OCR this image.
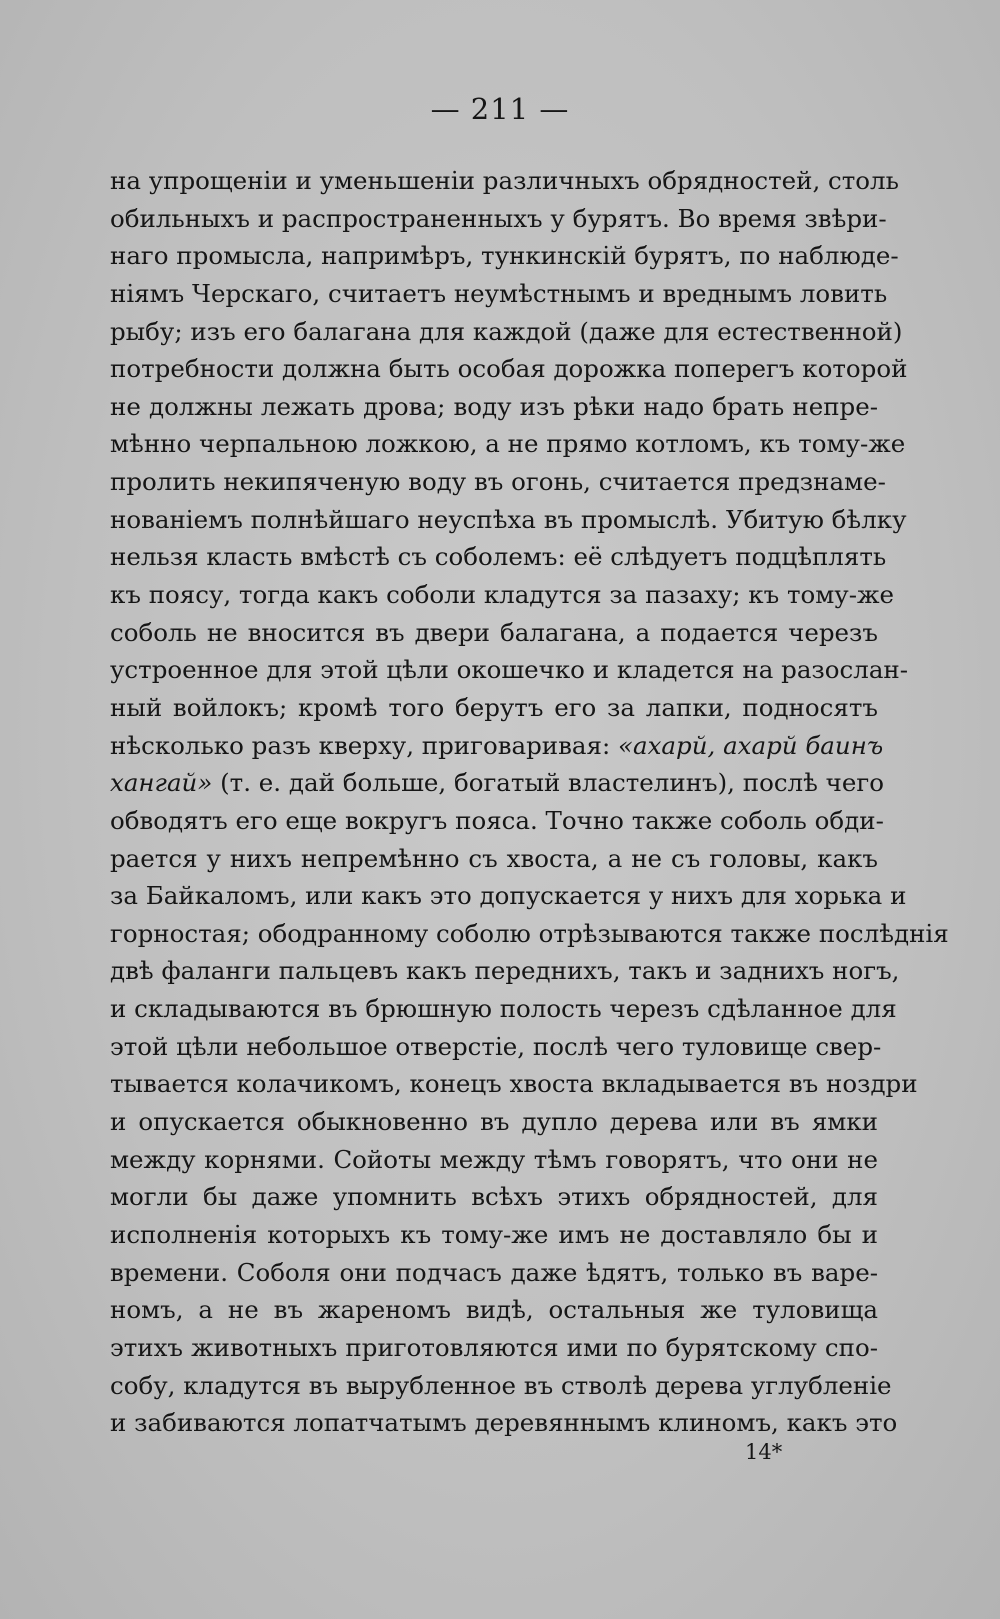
— 211 —
на упрощеніи и уменьшеніи различныхъ обрядностей, столь
обильныхъ и распространенныхъ у бурятъ. Во время звѣри-
наго промысла, напримѣръ, тункинскій бурятъ, по наблюде-
ніямъ Черскаго, считаетъ неумѣстнымъ и вреднымъ ловить
рыбу; изъ его балагана для каждой (даже для естественной)
потребности должна быть особая дорожка поперегъ которой
не должны лежать дрова; воду изъ рѣки надо брать непре-
мѣнно черпальною ложкою, а не прямо котломъ, къ тому-же
пролить некипяченую воду въ огонь, считается предзнаме-
нованіемъ полнѣйшаго неуспѣха въ промыслѣ. Убитую бѣлку
нельзя класть вмѣстѣ съ соболемъ: её слѣдуетъ подцѣплять
къ поясу, тогда какъ соболи кладутся за пазаху; къ тому-же
соболь не вносится въ двери балагана, а подается черезъ
устроенное для этой цѣли окошечко и кладется на разослан-
ный войлокъ; кромѣ того берутъ его за лапки, подносятъ
нѣсколько разъ кверху, приговаривая: «ахарй, ахарй баинъ
хангай» (т. е. дай больше, богатый властелинъ), послѣ чего
обводятъ его еще вокругъ пояса. Точно также соболь обди-
рается у нихъ непремѣнно съ хвоста, а не съ головы, какъ
за Байкаломъ, или какъ это допускается у нихъ для хорька и
горностая; ободранному соболю отрѣзываются также послѣднія
двѣ фаланги пальцевъ какъ переднихъ, такъ и заднихъ ногъ,
и складываются въ брюшную полость черезъ сдѣланное для
этой цѣли небольшое отверстіе, послѣ чего туловище свер-
тывается колачикомъ, конецъ хвоста вкладывается въ ноздри
и опускается обыкновенно въ дупло дерева или въ ямки
между корнями. Сойоты между тѣмъ говорятъ, что они не
могли бы даже упомнить всѣхъ этихъ обрядностей, для
исполненія которыхъ къ тому-же имъ не доставляло бы и
времени. Соболя они подчасъ даже ѣдятъ, только въ варе-
номъ, а не въ жареномъ видѣ, остальныя же туловища
этихъ животныхъ приготовляются ими по бурятскому спо-
собу, кладутся въ вырубленное въ стволѣ дерева углубленіе
и забиваются лопатчатымъ деревяннымъ клиномъ, какъ это
14*
